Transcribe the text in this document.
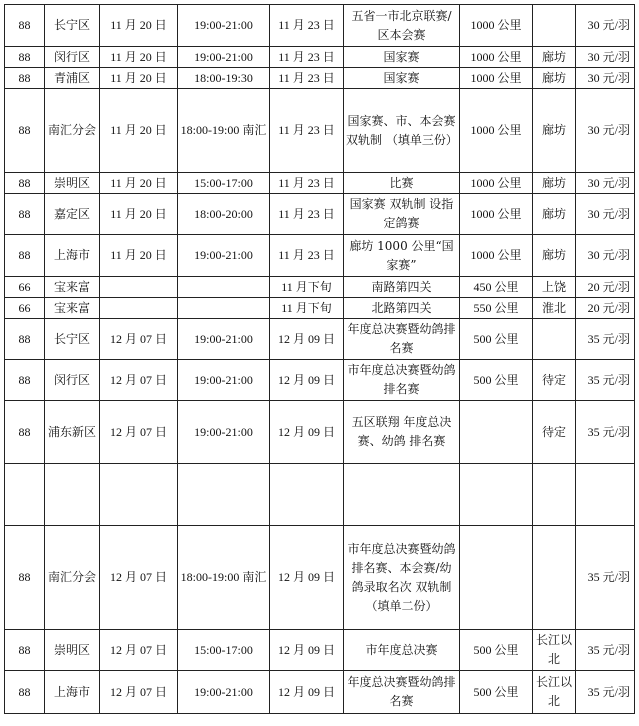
88	长宁区	11 月 20 日	19:00-21:00	11 月 23 日	五省一市北京联赛/区本会赛	1000 公里		30 元/羽
88	闵行区	11 月 20 日	19:00-21:00	11 月 23 日	国家赛	1000 公里	廊坊	30 元/羽
88	青浦区	11 月 20 日	18:00-19:30	11 月 23 日	国家赛	1000 公里	廊坊	30 元/羽
88	南汇分会	11 月 20 日	18:00-19:00 南汇	11 月 23 日	国家赛、市、本会赛 双轨制 （填单三份）	1000 公里	廊坊	30 元/羽
88	崇明区	11 月 20 日	15:00-17:00	11 月 23 日	比赛	1000 公里	廊坊	30 元/羽
88	嘉定区	11 月 20 日	18:00-20:00	11 月 23 日	国家赛 双轨制 设指定鸽赛	1000 公里	廊坊	30 元/羽
88	上海市	11 月 20 日	19:00-21:00	11 月 23 日	廊坊 1000 公里“国家赛”	1000 公里	廊坊	30 元/羽
66	宝来富			11 月下旬	南路第四关	450 公里	上饶	20 元/羽
66	宝来富			11 月下旬	北路第四关	550 公里	淮北	20 元/羽
88	长宁区	12 月 07 日	19:00-21:00	12 月 09 日	年度总决赛暨幼鸽排名赛	500 公里		35 元/羽
88	闵行区	12 月 07 日	19:00-21:00	12 月 09 日	市年度总决赛暨幼鸽排名赛	500 公里	待定	35 元/羽
88	浦东新区	12 月 07 日	19:00-21:00	12 月 09 日	五区联翔 年度总决赛、幼鸽 排名赛		待定	35 元/羽

88	南汇分会	12 月 07 日	18:00-19:00 南汇	12 月 09 日	市年度总决赛暨幼鸽排名赛、本会赛/幼鸽录取名次 双轨制 （填单二份）			35 元/羽
88	崇明区	12 月 07 日	15:00-17:00	12 月 09 日	市年度总决赛	500 公里	长江以北	35 元/羽
88	上海市	12 月 07 日	19:00-21:00	12 月 09 日	年度总决赛暨幼鸽排名赛	500 公里	长江以北	35 元/羽
